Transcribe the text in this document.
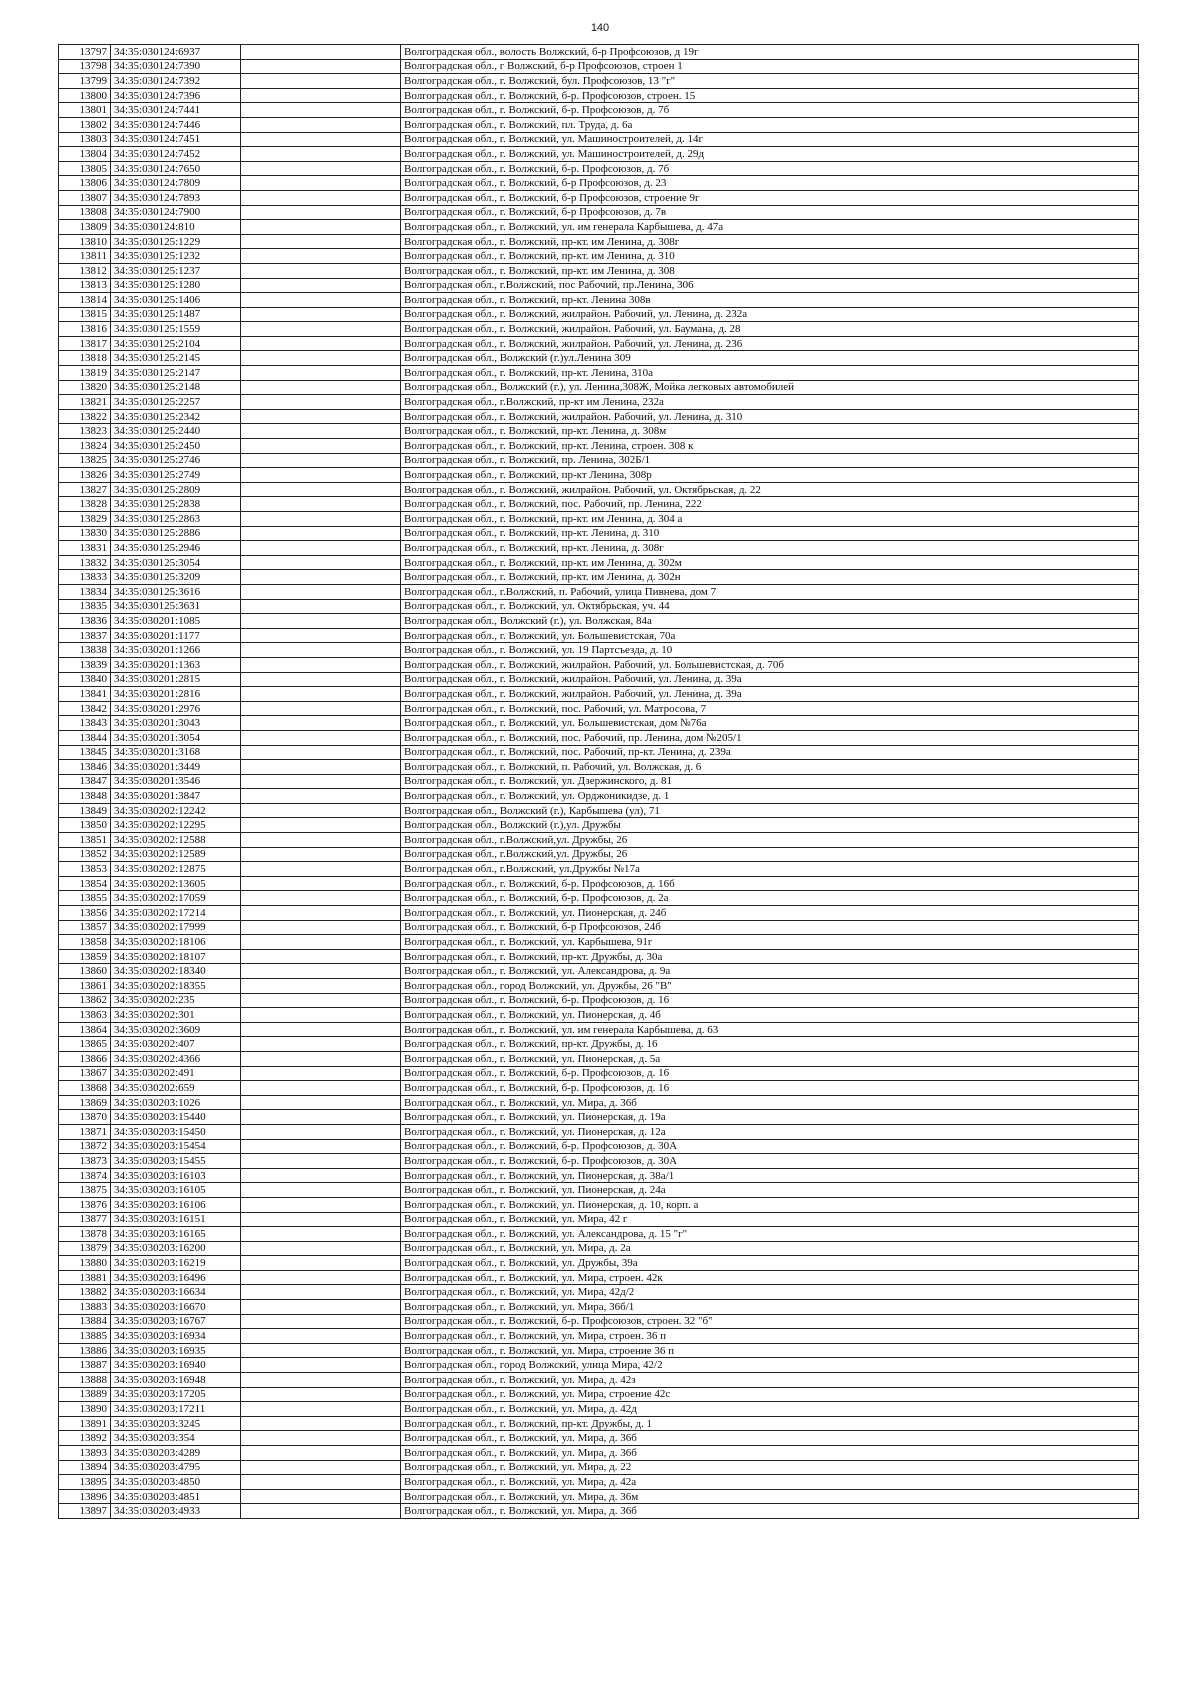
140
13797	34:35:030124:6937		Волгоградская обл., волость Волжский, б-р Профсоюзов, д 19г
13798	34:35:030124:7390		Волгоградская обл., г Волжский, б-р Профсоюзов, строен 1
13799	34:35:030124:7392		Волгоградская обл., г. Волжский, бул. Профсоюзов, 13 "г"
13800	34:35:030124:7396		Волгоградская обл., г. Волжский, б-р. Профсоюзов, строен. 15
13801	34:35:030124:7441		Волгоградская обл., г. Волжский, б-р. Профсоюзов, д. 7б
13802	34:35:030124:7446		Волгоградская обл., г. Волжский, пл. Труда, д. 6а
13803	34:35:030124:7451		Волгоградская обл., г. Волжский, ул. Машиностроителей, д. 14г
13804	34:35:030124:7452		Волгоградская обл., г. Волжский, ул. Машиностроителей, д. 29д
13805	34:35:030124:7650		Волгоградская обл., г. Волжский, б-р. Профсоюзов, д. 7б
13806	34:35:030124:7809		Волгоградская обл., г. Волжский, б-р Профсоюзов, д. 23
13807	34:35:030124:7893		Волгоградская обл., г. Волжский, б-р Профсоюзов, строение 9г
13808	34:35:030124:7900		Волгоградская обл., г. Волжский, б-р Профсоюзов, д. 7в
13809	34:35:030124:810		Волгоградская обл., г. Волжский, ул. им генерала Карбышева, д. 47а
13810	34:35:030125:1229		Волгоградская обл., г. Волжский, пр-кт. им Ленина, д. 308г
13811	34:35:030125:1232		Волгоградская обл., г. Волжский, пр-кт. им Ленина, д. 310
13812	34:35:030125:1237		Волгоградская обл., г. Волжский, пр-кт. им Ленина, д. 308
13813	34:35:030125:1280		Волгоградская обл., г.Волжский, пос Рабочий, пр.Ленина, 306
13814	34:35:030125:1406		Волгоградская обл., г. Волжский, пр-кт. Ленина 308в
13815	34:35:030125:1487		Волгоградская обл., г. Волжский, жилрайон. Рабочий, ул. Ленина, д. 232а
13816	34:35:030125:1559		Волгоградская обл., г. Волжский, жилрайон. Рабочий, ул. Баумана, д. 28
13817	34:35:030125:2104		Волгоградская обл., г. Волжский, жилрайон. Рабочий, ул. Ленина, д. 236
13818	34:35:030125:2145		Волгоградская обл., Волжский (г.)ул.Ленина 309
13819	34:35:030125:2147		Волгоградская обл., г. Волжский, пр-кт. Ленина, 310а
13820	34:35:030125:2148		Волгоградская обл., Волжский (г.), ул. Ленина,308Ж, Мойка легковых автомобилей
13821	34:35:030125:2257		Волгоградская обл., г.Волжский, пр-кт им Ленина, 232а
13822	34:35:030125:2342		Волгоградская обл., г. Волжский, жилрайон. Рабочий, ул. Ленина, д. 310
13823	34:35:030125:2440		Волгоградская обл., г. Волжский, пр-кт. Ленина, д. 308м
13824	34:35:030125:2450		Волгоградская обл., г. Волжский, пр-кт. Ленина, строен. 308 к
13825	34:35:030125:2746		Волгоградская обл., г. Волжский, пр. Ленина, 302Б/1
13826	34:35:030125:2749		Волгоградская обл., г. Волжский, пр-кт Ленина, 308р
13827	34:35:030125:2809		Волгоградская обл., г. Волжский, жилрайон. Рабочий, ул. Октябрьская, д. 22
13828	34:35:030125:2838		Волгоградская обл., г. Волжский, пос. Рабочий, пр. Ленина, 222
13829	34:35:030125:2863		Волгоградская обл., г. Волжский, пр-кт. им Ленина, д. 304 а
13830	34:35:030125:2886		Волгоградская обл., г. Волжский, пр-кт. Ленина, д. 310
13831	34:35:030125:2946		Волгоградская обл., г. Волжский, пр-кт. Ленина, д. 308г
13832	34:35:030125:3054		Волгоградская обл., г. Волжский, пр-кт. им Ленина, д. 302м
13833	34:35:030125:3209		Волгоградская обл., г. Волжский, пр-кт. им Ленина, д. 302н
13834	34:35:030125:3616		Волгоградская обл., г.Волжский, п. Рабочий, улица Пивнева, дом 7
13835	34:35:030125:3631		Волгоградская обл., г. Волжский, ул. Октябрьская, уч. 44
13836	34:35:030201:1085		Волгоградская обл., Волжский (г.), ул. Волжская, 84а
13837	34:35:030201:1177		Волгоградская обл., г. Волжский, ул. Большевистская, 70а
13838	34:35:030201:1266		Волгоградская обл., г. Волжский, ул. 19 Партсъезда, д. 10
13839	34:35:030201:1363		Волгоградская обл., г. Волжский, жилрайон. Рабочий, ул. Большевистская, д. 70б
13840	34:35:030201:2815		Волгоградская обл., г. Волжский, жилрайон. Рабочий, ул. Ленина, д. 39а
13841	34:35:030201:2816		Волгоградская обл., г. Волжский, жилрайон. Рабочий, ул. Ленина, д. 39а
13842	34:35:030201:2976		Волгоградская обл., г. Волжский, пос. Рабочий, ул. Матросова, 7
13843	34:35:030201:3043		Волгоградская обл., г. Волжский, ул. Большевистская, дом №76а
13844	34:35:030201:3054		Волгоградская обл., г. Волжский, пос. Рабочий, пр. Ленина, дом №205/1
13845	34:35:030201:3168		Волгоградская обл., г. Волжский, пос. Рабочий, пр-кт. Ленина, д. 239а
13846	34:35:030201:3449		Волгоградская обл., г. Волжский, п. Рабочий, ул. Волжская, д. 6
13847	34:35:030201:3546		Волгоградская обл., г. Волжский, ул. Дзержинского, д. 81
13848	34:35:030201:3847		Волгоградская обл., г. Волжский, ул. Орджоникидзе, д. 1
13849	34:35:030202:12242		Волгоградская обл., Волжский (г.), Карбышева (ул), 71
13850	34:35:030202:12295		Волгоградская обл., Волжский (г.),ул. Дружбы
13851	34:35:030202:12588		Волгоградская обл., г.Волжский,ул. Дружбы, 26
13852	34:35:030202:12589		Волгоградская обл., г.Волжский,ул. Дружбы, 26
13853	34:35:030202:12875		Волгоградская обл., г.Волжский, ул.Дружбы №17а
13854	34:35:030202:13605		Волгоградская обл., г. Волжский, б-р. Профсоюзов, д. 16б
13855	34:35:030202:17059		Волгоградская обл., г. Волжский, б-р. Профсоюзов, д. 2а
13856	34:35:030202:17214		Волгоградская обл., г. Волжский, ул. Пионерская, д. 24б
13857	34:35:030202:17999		Волгоградская обл., г. Волжский, б-р Профсоюзов, 24б
13858	34:35:030202:18106		Волгоградская обл., г. Волжский, ул. Карбышева, 91г
13859	34:35:030202:18107		Волгоградская обл., г. Волжский, пр-кт. Дружбы, д. 30а
13860	34:35:030202:18340		Волгоградская обл., г. Волжский, ул. Александрова, д. 9а
13861	34:35:030202:18355		Волгоградская обл., город Волжский, ул. Дружбы, 26 "В"
13862	34:35:030202:235		Волгоградская обл., г. Волжский, б-р. Профсоюзов, д. 16
13863	34:35:030202:301		Волгоградская обл., г. Волжский, ул. Пионерская, д. 4б
13864	34:35:030202:3609		Волгоградская обл., г. Волжский, ул. им генерала Карбышева, д. 63
13865	34:35:030202:407		Волгоградская обл., г. Волжский, пр-кт. Дружбы, д. 16
13866	34:35:030202:4366		Волгоградская обл., г. Волжский, ул. Пионерская, д. 5а
13867	34:35:030202:491		Волгоградская обл., г. Волжский, б-р. Профсоюзов, д. 16
13868	34:35:030202:659		Волгоградская обл., г. Волжский, б-р. Профсоюзов, д. 16
13869	34:35:030203:1026		Волгоградская обл., г. Волжский, ул. Мира, д. 36б
13870	34:35:030203:15440		Волгоградская обл., г. Волжский, ул. Пионерская, д. 19а
13871	34:35:030203:15450		Волгоградская обл., г. Волжский, ул. Пионерская, д. 12а
13872	34:35:030203:15454		Волгоградская обл., г. Волжский, б-р. Профсоюзов, д. 30А
13873	34:35:030203:15455		Волгоградская обл., г. Волжский, б-р. Профсоюзов, д. 30А
13874	34:35:030203:16103		Волгоградская обл., г. Волжский, ул. Пионерская, д. 38а/1
13875	34:35:030203:16105		Волгоградская обл., г. Волжский, ул. Пионерская, д. 24а
13876	34:35:030203:16106		Волгоградская обл., г. Волжский, ул. Пионерская, д. 10, корп. а
13877	34:35:030203:16151		Волгоградская обл., г. Волжский, ул. Мира, 42 г
13878	34:35:030203:16165		Волгоградская обл., г. Волжский, ул. Александрова, д. 15 "г"
13879	34:35:030203:16200		Волгоградская обл., г. Волжский, ул. Мира, д. 2а
13880	34:35:030203:16219		Волгоградская обл., г. Волжский, ул. Дружбы, 39а
13881	34:35:030203:16496		Волгоградская обл., г. Волжский, ул. Мира, строен. 42к
13882	34:35:030203:16634		Волгоградская обл., г. Волжский, ул. Мира, 42д/2
13883	34:35:030203:16670		Волгоградская обл., г. Волжский, ул. Мира, 36б/1
13884	34:35:030203:16767		Волгоградская обл., г. Волжский, б-р. Профсоюзов, строен. 32 "б"
13885	34:35:030203:16934		Волгоградская обл., г. Волжский, ул. Мира, строен. 36 п
13886	34:35:030203:16935		Волгоградская обл., г. Волжский, ул. Мира, строение 36 п
13887	34:35:030203:16940		Волгоградская обл., город Волжский, улица Мира, 42/2
13888	34:35:030203:16948		Волгоградская обл., г. Волжский, ул. Мира, д. 42з
13889	34:35:030203:17205		Волгоградская обл., г. Волжский, ул. Мира, строение 42с
13890	34:35:030203:17211		Волгоградская обл., г. Волжский, ул. Мира, д. 42д
13891	34:35:030203:3245		Волгоградская обл., г. Волжский, пр-кт. Дружбы, д. 1
13892	34:35:030203:354		Волгоградская обл., г. Волжский, ул. Мира, д. 36б
13893	34:35:030203:4289		Волгоградская обл., г. Волжский, ул. Мира, д. 36б
13894	34:35:030203:4795		Волгоградская обл., г. Волжский, ул. Мира, д. 22
13895	34:35:030203:4850		Волгоградская обл., г. Волжский, ул. Мира, д. 42а
13896	34:35:030203:4851		Волгоградская обл., г. Волжский, ул. Мира, д. 36м
13897	34:35:030203:4933		Волгоградская обл., г. Волжский, ул. Мира, д. 36б
